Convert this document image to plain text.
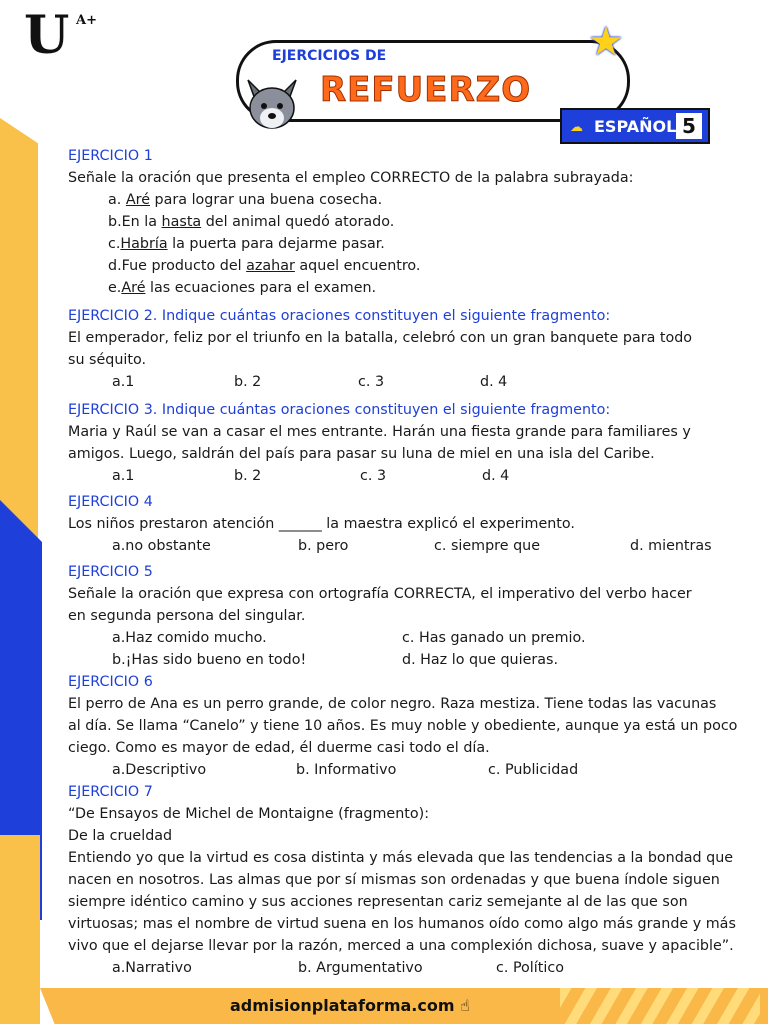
U A+
EJERCICIOS DE
REFUERZO
★
☁ ESPAÑOL 5
EJERCICIO 1
Señale la oración que presenta el empleo CORRECTO de la palabra subrayada:
a. Aré para lograr una buena cosecha.
b.En la hasta del animal quedó atorado.
c.Habría la puerta para dejarme pasar.
d.Fue producto del azahar aquel encuentro.
e.Aré las ecuaciones para el examen.
EJERCICIO 2. Indique cuántas oraciones constituyen el siguiente fragmento:
El emperador, feliz por el triunfo en la batalla, celebró con un gran banquete para todo
su séquito.
a.1	b. 2	c. 3	d. 4
EJERCICIO 3. Indique cuántas oraciones constituyen el siguiente fragmento:
Maria y Raúl se van a casar el mes entrante. Harán una fiesta grande para familiares y
amigos. Luego, saldrán del país para pasar su luna de miel en una isla del Caribe.
a.1	b. 2	c. 3	d. 4
EJERCICIO 4
Los niños prestaron atención ______ la maestra explicó el experimento.
a.no obstante	b. pero	c. siempre que	d. mientras
EJERCICIO 5
Señale la oración que expresa con ortografía CORRECTA, el imperativo del verbo hacer
en segunda persona del singular.
a.Haz comido mucho.	c. Has ganado un premio.
b.¡Has sido bueno en todo!	d. Haz lo que quieras.
EJERCICIO 6
El perro de Ana es un perro grande, de color negro. Raza mestiza. Tiene todas las vacunas
al día. Se llama “Canelo” y tiene 10 años. Es muy noble y obediente, aunque ya está un poco
ciego. Como es mayor de edad, él duerme casi todo el día.
a.Descriptivo	b. Informativo	c. Publicidad
EJERCICIO 7
“De Ensayos de Michel de Montaigne (fragmento):
De la crueldad
Entiendo yo que la virtud es cosa distinta y más elevada que las tendencias a la bondad que
nacen en nosotros. Las almas que por sí mismas son ordenadas y que buena índole siguen
siempre idéntico camino y sus acciones representan cariz semejante al de las que son
virtuosas; mas el nombre de virtud suena en los humanos oído como algo más grande y más
vivo que el dejarse llevar por la razón, merced a una complexión dichosa, suave y apacible”.
a.Narrativo	b. Argumentativo	c. Político
admisionplataforma.com ☝
